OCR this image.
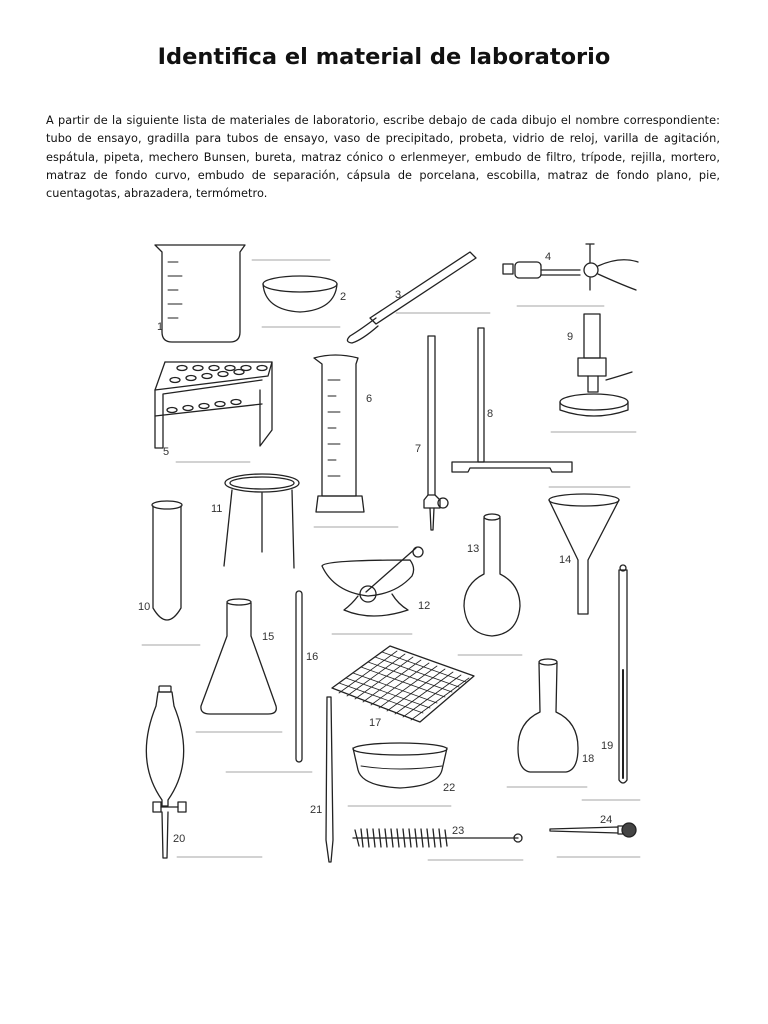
Identifica el material de laboratorio

A partir de la siguiente lista de materiales de laboratorio, escribe debajo de cada dibujo el nombre correspondiente: tubo de ensayo, gradilla para tubos de ensayo, vaso de precipitado, probeta, vidrio de reloj, varilla de agitación, espátula, pipeta, mechero Bunsen, bureta, matraz cónico o erlenmeyer, embudo de filtro, trípode, rejilla, mortero, matraz de fondo curvo, embudo de separación, cápsula de porcelana, escobilla, matraz de fondo plano, pie, cuentagotas, abrazadera, termómetro.

1
2	3
4
5
6
7
8
9
10
11
12
13
14
15
16
17
18
19
20
21
22
23
24
